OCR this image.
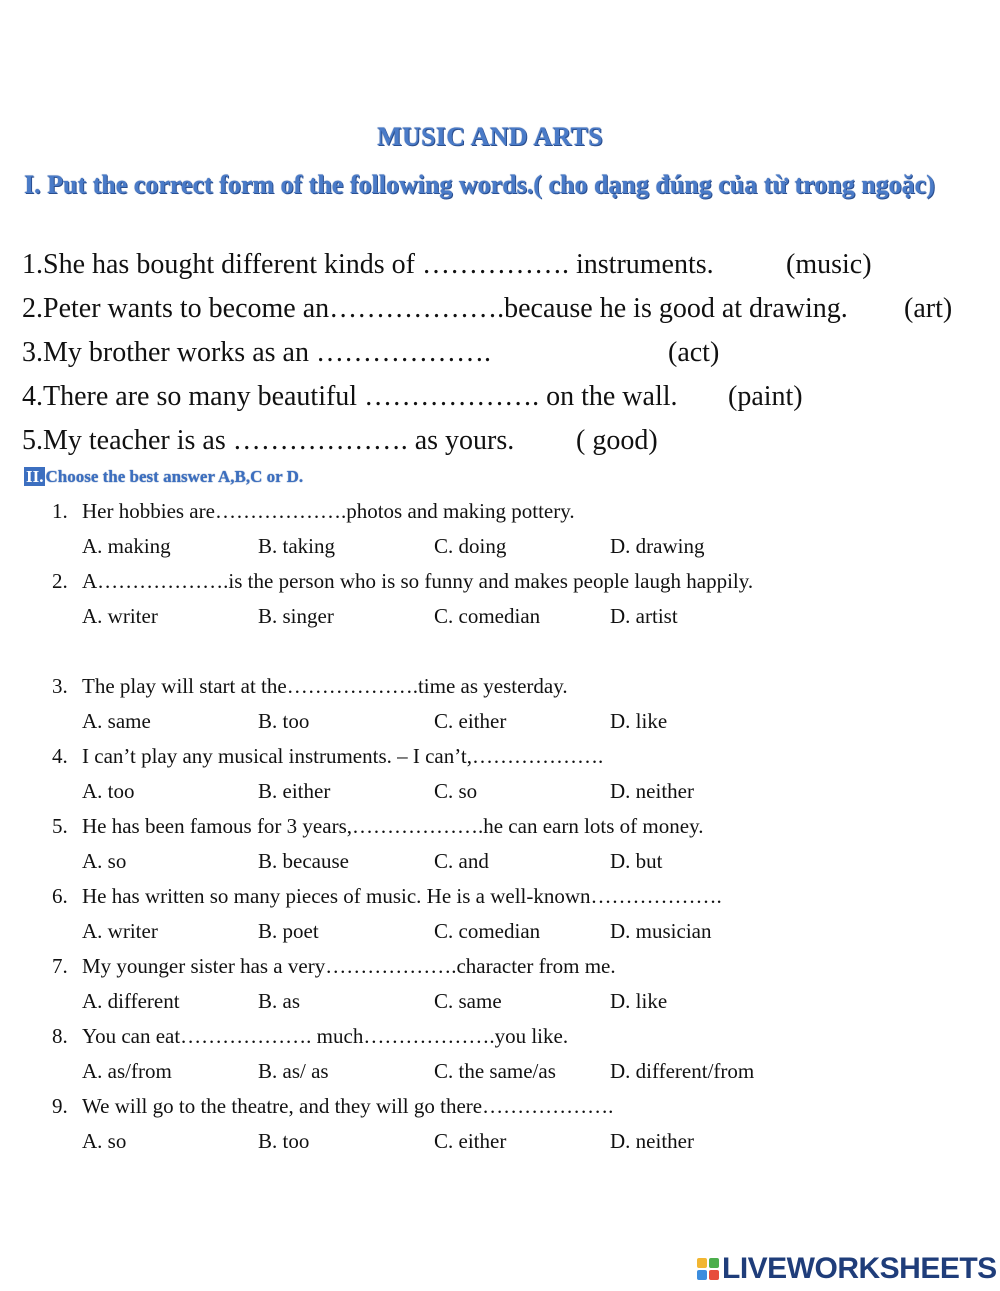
MUSIC AND ARTS
I. Put the correct form of the following words.( cho dạng đúng của từ trong ngoặc)
1.She has bought different kinds of ……………. instruments.	(music)
2.Peter wants to become an……………….because he is good at drawing. (art)
3.My brother works as an ……………….	(act)
4.There are so many beautiful ………………. on the wall. (paint)
5.My teacher is as ………………. as yours. ( good)
II. Choose the best answer A,B,C or D.
1. Her hobbies are……………….photos and making pottery.
A. making	B. taking	C. doing	D. drawing
2. A……………….is the person who is so funny and makes people laugh happily.
A. writer	B. singer	C. comedian	D. artist
3. The play will start at the……………….time as yesterday.
A. same	B. too	C. either	D. like
4. I can’t play any musical instruments. – I can’t,……………….
A. too	B. either	C. so	D. neither
5. He has been famous for 3 years,……………….he can earn lots of money.
A. so	B. because	C. and	D. but
6. He has written so many pieces of music. He is a well-known……………….
A. writer	B. poet	C. comedian	D. musician
7. My younger sister has a very……………….character from me.
A. different	B. as	C. same	D. like
8. You can eat………………. much……………….you like.
A. as/from	B. as/ as	C. the same/as	D. different/from
9. We will go to the theatre, and they will go there……………….
A. so	B. too	C. either	D. neither
LIVEWORKSHEETS
